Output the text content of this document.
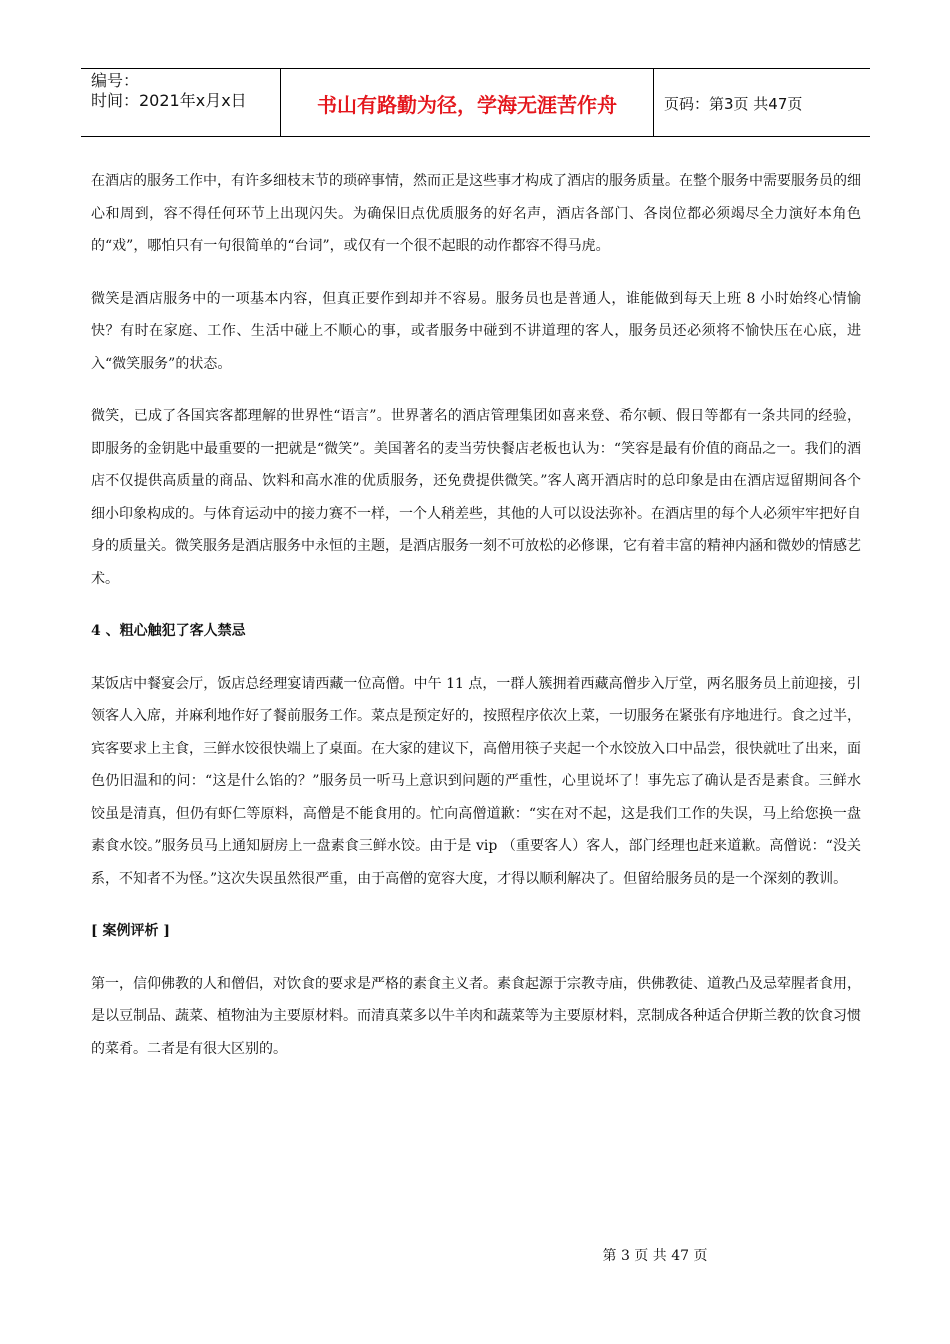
编号：
时间：2021年x月x日	书山有路勤为径，学海无涯苦作舟	页码：第3页 共47页

在酒店的服务工作中，有许多细枝末节的琐碎事情，然而正是这些事才构成了酒店的服务质量。在整个服务中需要服务员的细心和周到，容不得任何环节上出现闪失。为确保旧点优质服务的好名声，酒店各部门、各岗位都必须竭尽全力演好本角色的“戏”，哪怕只有一句很简单的“台词”，或仅有一个很不起眼的动作都容不得马虎。

微笑是酒店服务中的一项基本内容，但真正要作到却并不容易。服务员也是普通人，谁能做到每天上班 8 小时始终心情愉快？有时在家庭、工作、生活中碰上不顺心的事，或者服务中碰到不讲道理的客人，服务员还必须将不愉快压在心底，进入“微笑服务”的状态。

微笑，已成了各国宾客都理解的世界性“语言”。世界著名的酒店管理集团如喜来登、希尔顿、假日等都有一条共同的经验，即服务的金钥匙中最重要的一把就是“微笑”。美国著名的麦当劳快餐店老板也认为：“笑容是最有价值的商品之一。我们的酒店不仅提供高质量的商品、饮料和高水准的优质服务，还免费提供微笑。”客人离开酒店时的总印象是由在酒店逗留期间各个细小印象构成的。与体育运动中的接力赛不一样，一个人稍差些，其他的人可以设法弥补。在酒店里的每个人必须牢牢把好自身的质量关。微笑服务是酒店服务中永恒的主题，是酒店服务一刻不可放松的必修课，它有着丰富的精神内涵和微妙的情感艺术。

4 、粗心触犯了客人禁忌

某饭店中餐宴会厅，饭店总经理宴请西藏一位高僧。中午 11 点，一群人簇拥着西藏高僧步入厅堂，两名服务员上前迎接，引领客人入席，并麻利地作好了餐前服务工作。菜点是预定好的，按照程序依次上菜，一切服务在紧张有序地进行。食之过半，宾客要求上主食，三鲜水饺很快端上了桌面。在大家的建议下，高僧用筷子夹起一个水饺放入口中品尝，很快就吐了出来，面色仍旧温和的问：“这是什么馅的？”服务员一听马上意识到问题的严重性，心里说坏了！事先忘了确认是否是素食。三鲜水饺虽是清真，但仍有虾仁等原料，高僧是不能食用的。忙向高僧道歉：“实在对不起，这是我们工作的失误，马上给您换一盘素食水饺。”服务员马上通知厨房上一盘素食三鲜水饺。由于是 vip （重要客人）客人，部门经理也赶来道歉。高僧说：“没关系，不知者不为怪。”这次失误虽然很严重，由于高僧的宽容大度，才得以顺利解决了。但留给服务员的是一个深刻的教训。

[ 案例评析 ]

第一，信仰佛教的人和僧侣，对饮食的要求是严格的素食主义者。素食起源于宗教寺庙，供佛教徒、道教凸及忌荤腥者食用，是以豆制品、蔬菜、植物油为主要原材料。而清真菜多以牛羊肉和蔬菜等为主要原材料，烹制成各种适合伊斯兰教的饮食习惯的菜肴。二者是有很大区别的。

第 3 页 共 47 页
